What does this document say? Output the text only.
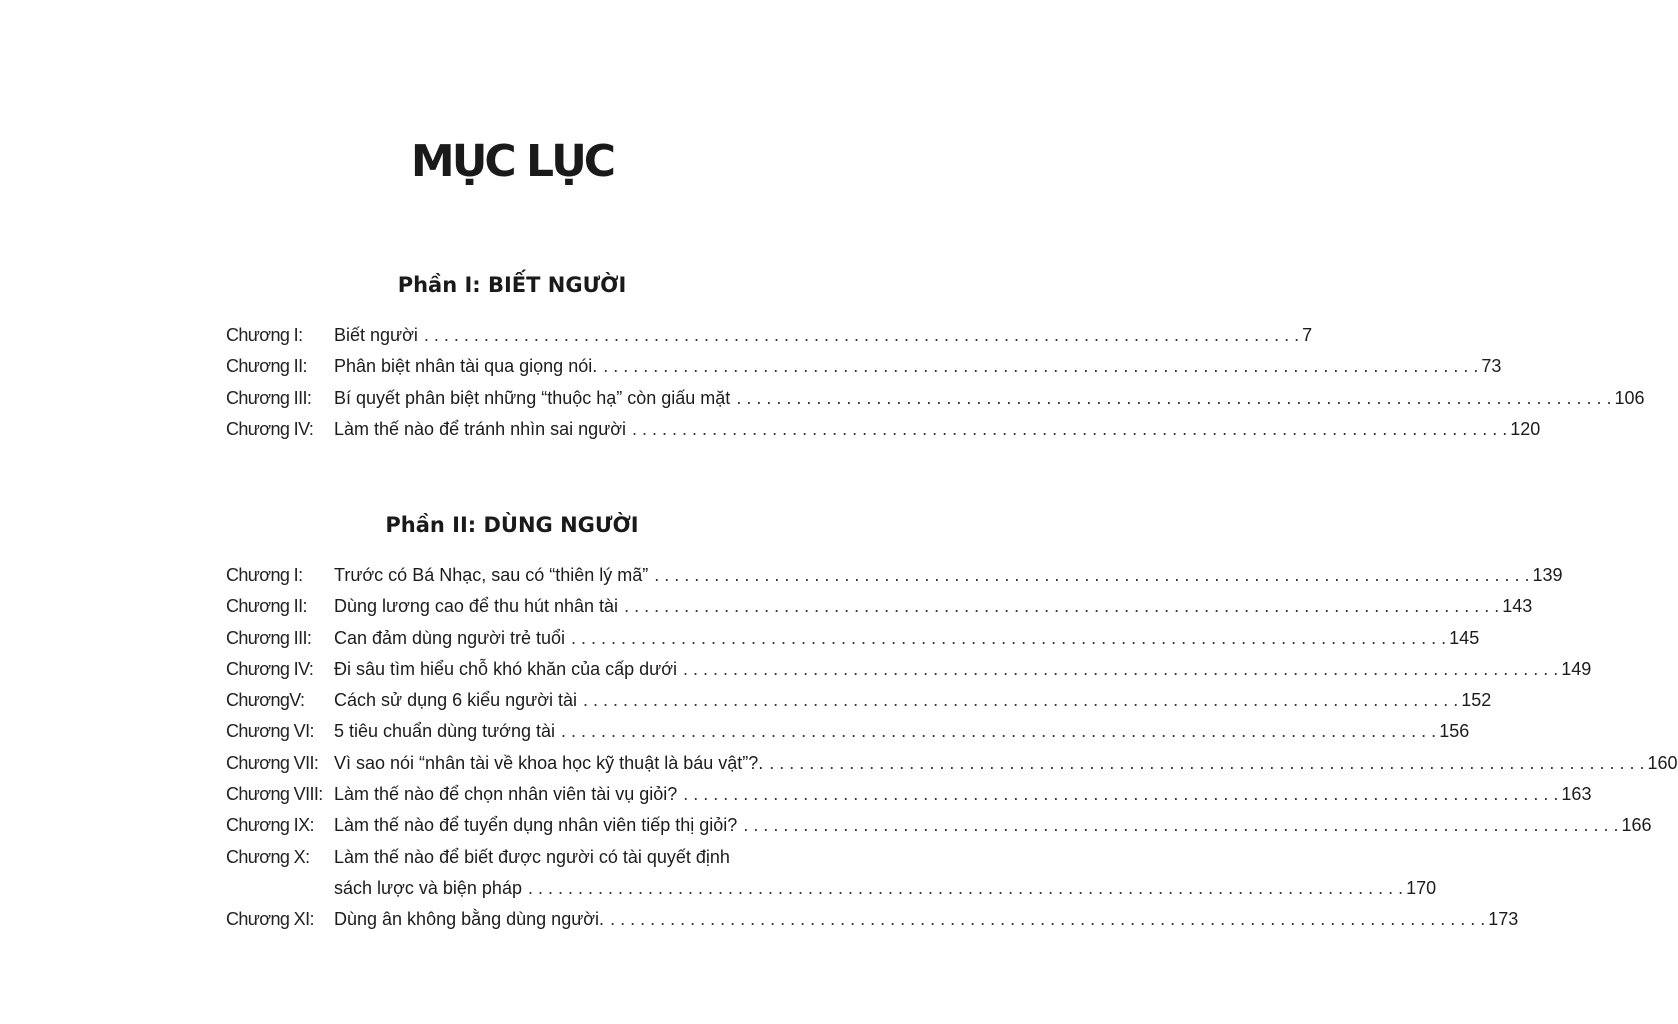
MỤC LỤC
Phần I: BIẾT NGƯỜI
Chương I: Biết người . . .	7
Chương II: Phân biệt nhân tài qua giọng nói. . . .	73
Chương III: Bí quyết phân biệt những “thuộc hạ” còn giấu mặt . . .	106
Chương IV: Làm thế nào để tránh nhìn sai người . . .	120
Phần II: DÙNG NGƯỜI
Chương I: Trước có Bá Nhạc, sau có “thiên lý mã” . . .	139
Chương II: Dùng lương cao để thu hút nhân tài . . .	143
Chương III: Can đảm dùng người trẻ tuổi . . .	145
Chương IV: Đi sâu tìm hiểu chỗ khó khăn của cấp dưới . . .	149
ChươngV: Cách sử dụng 6 kiểu người tài . . .	152
Chương VI: 5 tiêu chuẩn dùng tướng tài . . .	156
Chương VII: Vì sao nói “nhân tài về khoa học kỹ thuật là báu vật”?. . . .	160
Chương VIII: Làm thế nào để chọn nhân viên tài vụ giỏi? . . .	163
Chương IX: Làm thế nào để tuyển dụng nhân viên tiếp thị giỏi? . . .	166
Chương X: Làm thế nào để biết được người có tài quyết định
sách lược và biện pháp . . .	170
Chương XI: Dùng ân không bằng dùng người. . . .	173
